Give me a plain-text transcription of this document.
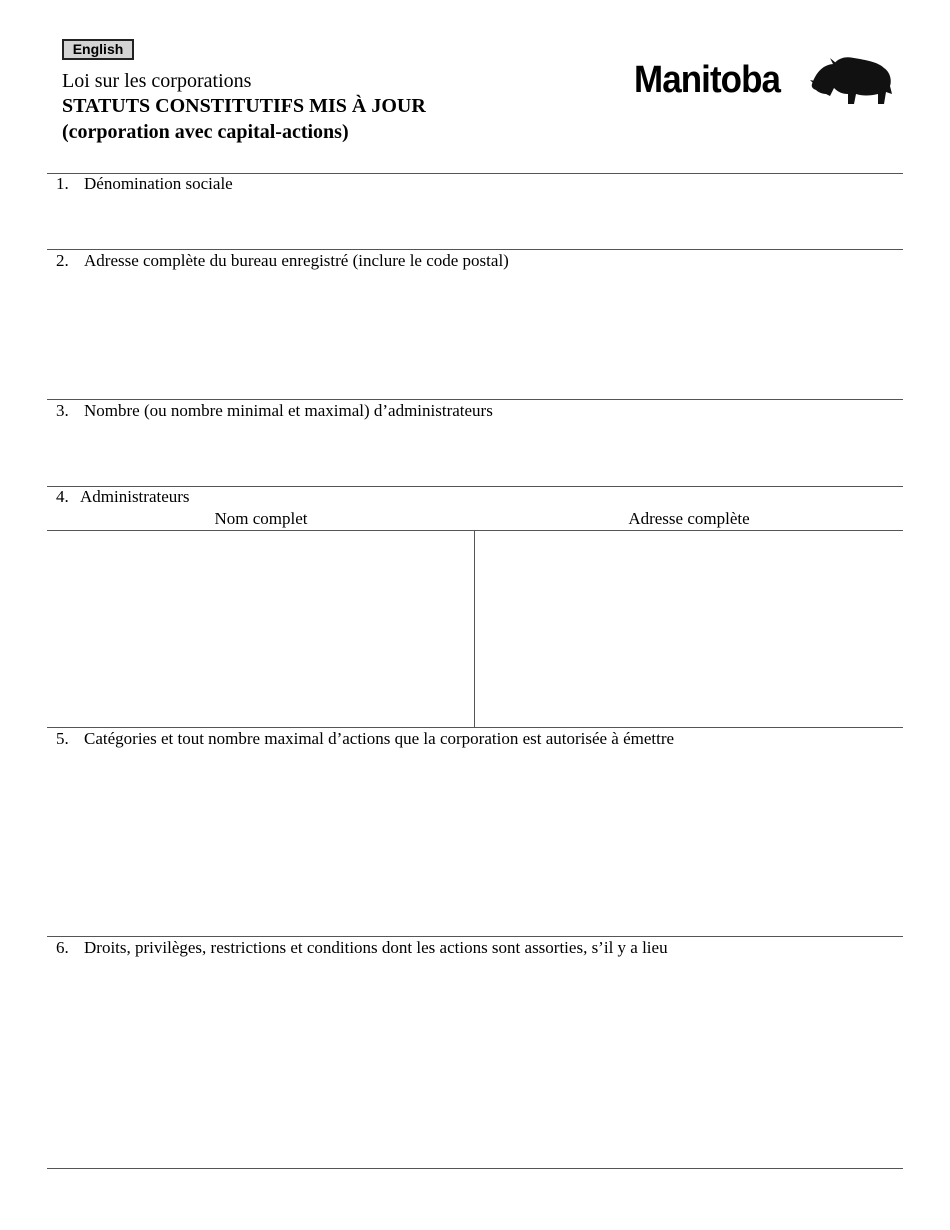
English
Loi sur les corporations
STATUTS CONSTITUTIFS MIS À JOUR
(corporation avec capital-actions)
Manitoba
1. Dénomination sociale
2. Adresse complète du bureau enregistré (inclure le code postal)
3. Nombre (ou nombre minimal et maximal) d’administrateurs
4. Administrateurs
Nom complet	Adresse complète
5. Catégories et tout nombre maximal d’actions que la corporation est autorisée à émettre
6. Droits, privilèges, restrictions et conditions dont les actions sont assorties, s’il y a lieu
